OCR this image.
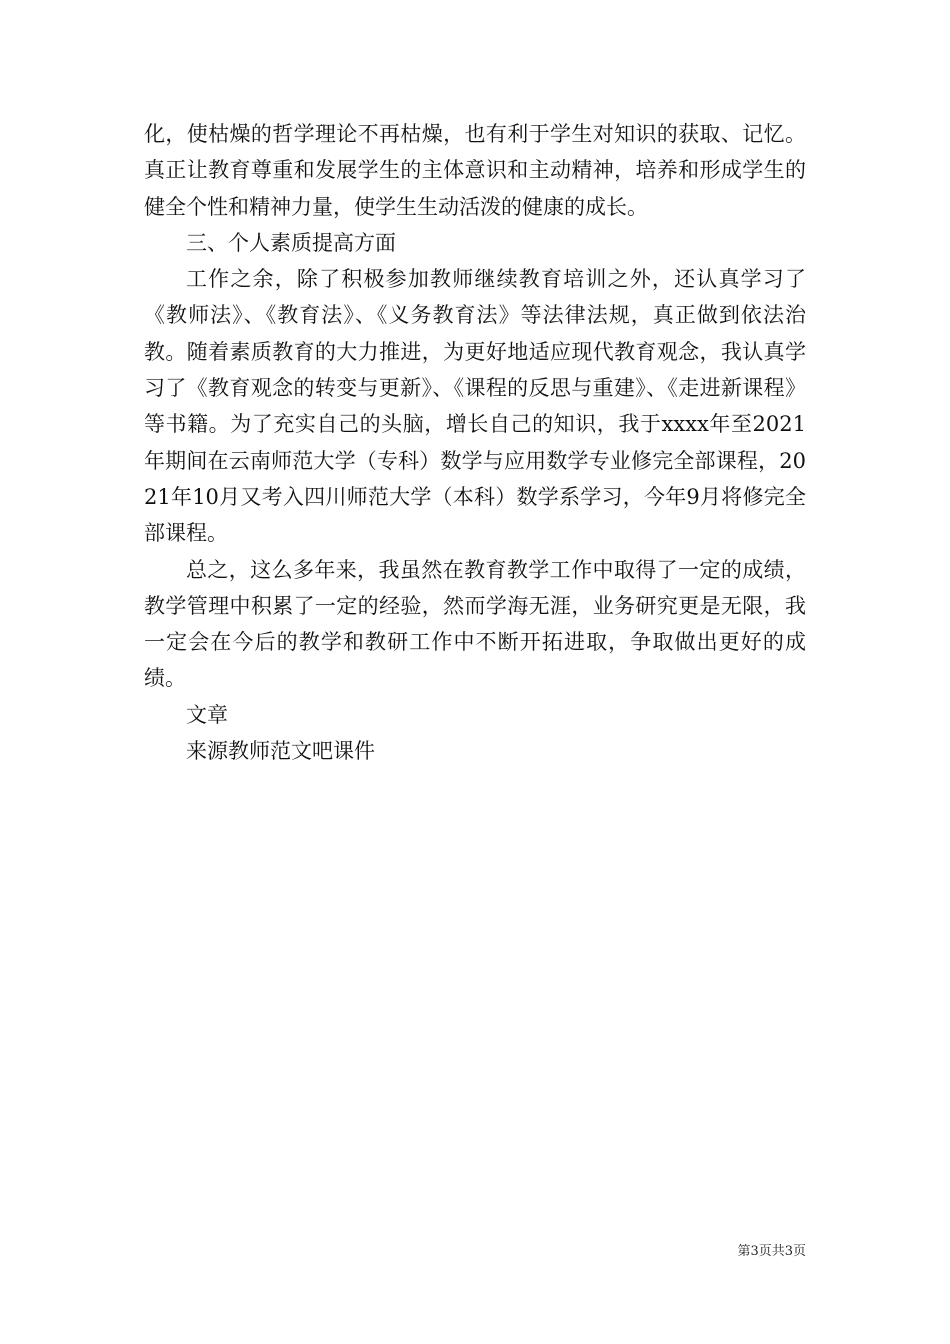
化，使枯燥的哲学理论不再枯燥，也有利于学生对知识的获取、记忆。真正让教育尊重和发展学生的主体意识和主动精神，培养和形成学生的健全个性和精神力量，使学生生动活泼的健康的成长。

三、个人素质提高方面

工作之余，除了积极参加教师继续教育培训之外，还认真学习了《教师法》、《教育法》、《义务教育法》等法律法规，真正做到依法治教。随着素质教育的大力推进，为更好地适应现代教育观念，我认真学习了《教育观念的转变与更新》、《课程的反思与重建》、《走进新课程》等书籍。为了充实自己的头脑，增长自己的知识，我于xxxx年至2021年期间在云南师范大学（专科）数学与应用数学专业修完全部课程，2021年10月又考入四川师范大学（本科）数学系学习，今年9月将修完全部课程。

总之，这么多年来，我虽然在教育教学工作中取得了一定的成绩，教学管理中积累了一定的经验，然而学海无涯，业务研究更是无限，我一定会在今后的教学和教研工作中不断开拓进取，争取做出更好的成绩。

文章

来源教师范文吧课件

第3页共3页
